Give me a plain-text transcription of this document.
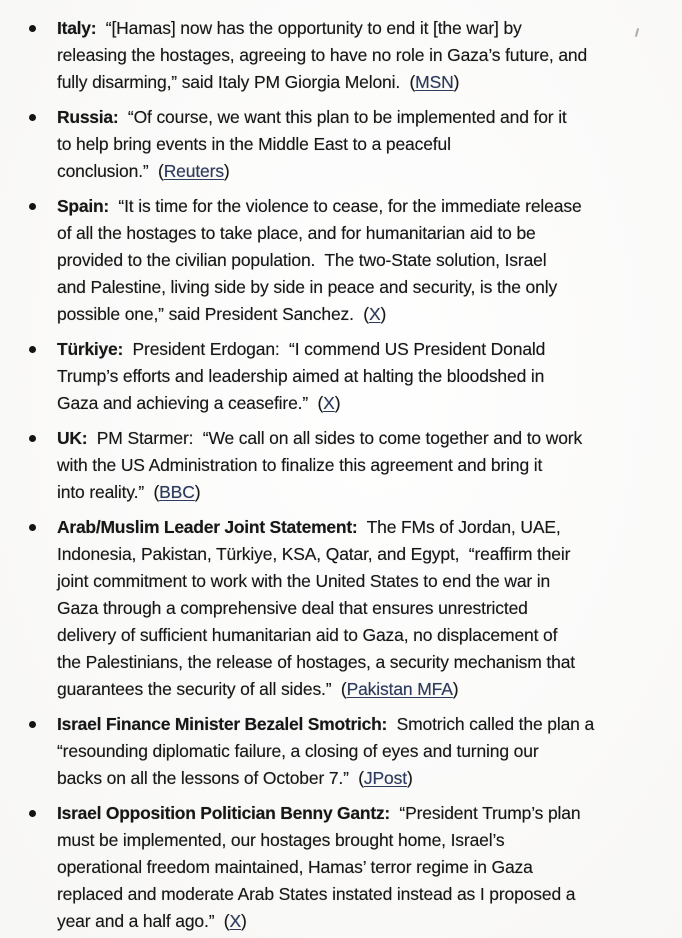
Italy:  “[Hamas] now has the opportunity to end it [the war] by
releasing the hostages, agreeing to have no role in Gaza’s future, and
fully disarming,” said Italy PM Giorgia Meloni.  (MSN)
Russia:  “Of course, we want this plan to be implemented and for it
to help bring events in the Middle East to a peaceful
conclusion.”  (Reuters)
Spain:  “It is time for the violence to cease, for the immediate release
of all the hostages to take place, and for humanitarian aid to be
provided to the civilian population.  The two-State solution, Israel
and Palestine, living side by side in peace and security, is the only
possible one,” said President Sanchez.  (X)
Türkiye:  President Erdogan:  “I commend US President Donald
Trump’s efforts and leadership aimed at halting the bloodshed in
Gaza and achieving a ceasefire.”  (X)
UK:  PM Starmer:  “We call on all sides to come together and to work
with the US Administration to finalize this agreement and bring it
into reality.”  (BBC)
Arab/Muslim Leader Joint Statement:  The FMs of Jordan, UAE,
Indonesia, Pakistan, Türkiye, KSA, Qatar, and Egypt,  “reaffirm their
joint commitment to work with the United States to end the war in
Gaza through a comprehensive deal that ensures unrestricted
delivery of sufficient humanitarian aid to Gaza, no displacement of
the Palestinians, the release of hostages, a security mechanism that
guarantees the security of all sides.”  (Pakistan MFA)
Israel Finance Minister Bezalel Smotrich:  Smotrich called the plan a
“resounding diplomatic failure, a closing of eyes and turning our
backs on all the lessons of October 7.”  (JPost)
Israel Opposition Politician Benny Gantz:  “President Trump’s plan
must be implemented, our hostages brought home, Israel’s
operational freedom maintained, Hamas’ terror regime in Gaza
replaced and moderate Arab States instated instead as I proposed a
year and a half ago.”  (X)
